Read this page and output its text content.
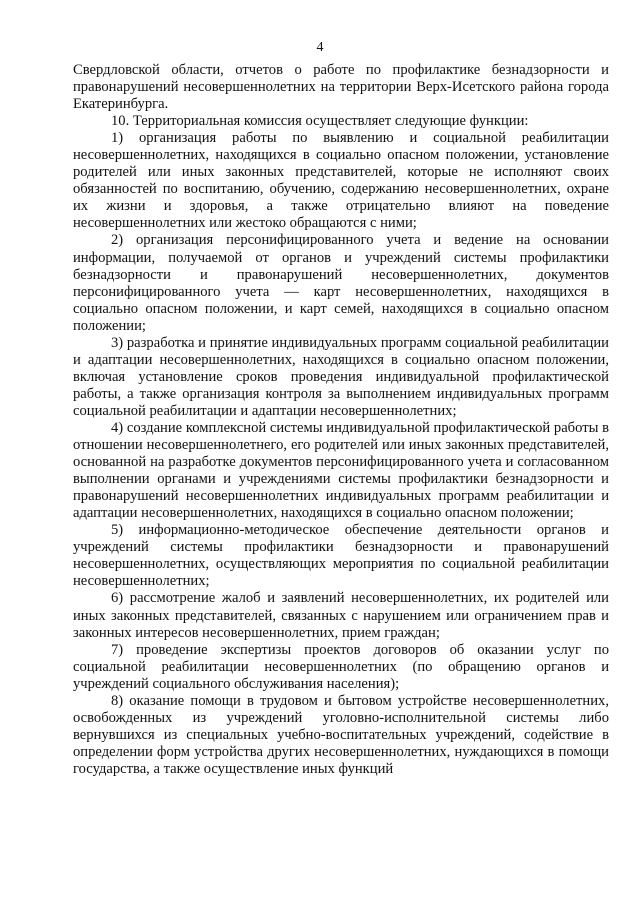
4

Свердловской области, отчетов о работе по профилактике безнадзорности и правонарушений несовершеннолетних на территории Верх-Исетского района города Екатеринбурга.

10. Территориальная комиссия осуществляет следующие функции:

1) организация работы по выявлению и социальной реабилитации несовершеннолетних, находящихся в социально опасном положении, установление родителей или иных законных представителей, которые не исполняют своих обязанностей по воспитанию, обучению, содержанию несовершеннолетних, охране их жизни и здоровья, а также отрицательно влияют на поведение несовершеннолетних или жестоко обращаются с ними;

2) организация персонифицированного учета и ведение на основании информации, получаемой от органов и учреждений системы профилактики безнадзорности и правонарушений несовершеннолетних, документов персонифицированного учета — карт несовершеннолетних, находящихся в социально опасном положении, и карт семей, находящихся в социально опасном положении;

3) разработка и принятие индивидуальных программ социальной реабилитации и адаптации несовершеннолетних, находящихся в социально опасном положении, включая установление сроков проведения индивидуальной профилактической работы, а также организация контроля за выполнением индивидуальных программ социальной реабилитации и адаптации несовершеннолетних;

4) создание комплексной системы индивидуальной профилактической работы в отношении несовершеннолетнего, его родителей или иных законных представителей, основанной на разработке документов персонифицированного учета и согласованном выполнении органами и учреждениями системы профилактики безнадзорности и правонарушений несовершеннолетних индивидуальных программ реабилитации и адаптации несовершеннолетних, находящихся в социально опасном положении;

5) информационно-методическое обеспечение деятельности органов и учреждений системы профилактики безнадзорности и правонарушений несовершеннолетних, осуществляющих мероприятия по социальной реабилитации несовершеннолетних;

6) рассмотрение жалоб и заявлений несовершеннолетних, их родителей или иных законных представителей, связанных с нарушением или ограничением прав и законных интересов несовершеннолетних, прием граждан;

7) проведение экспертизы проектов договоров об оказании услуг по социальной реабилитации несовершеннолетних (по обращению органов и учреждений социального обслуживания населения);

8) оказание помощи в трудовом и бытовом устройстве несовершеннолетних, освобожденных из учреждений уголовно-исполнительной системы либо вернувшихся из специальных учебно-воспитательных учреждений, содействие в определении форм устройства других несовершеннолетних, нуждающихся в помощи государства, а также осуществление иных функций
